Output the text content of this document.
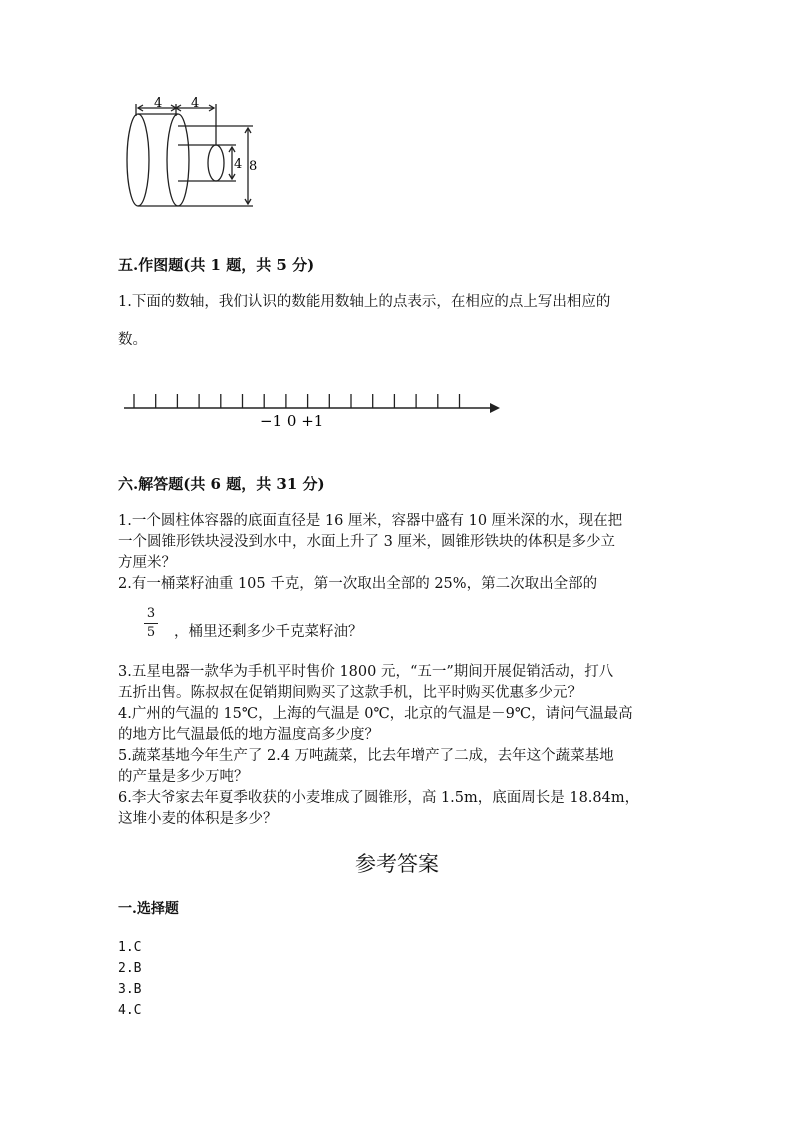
4 4
4 8
五.作图题(共 1 题，共 5 分)
1.下面的数轴，我们认识的数能用数轴上的点表示，在相应的点上写出相应的
数。
−1 0 +1
六.解答题(共 6 题，共 31 分)
1.一个圆柱体容器的底面直径是 16 厘米，容器中盛有 10 厘米深的水，现在把
一个圆锥形铁块浸没到水中，水面上升了 3 厘米，圆锥形铁块的体积是多少立
方厘米？
2.有一桶菜籽油重 105 千克，第一次取出全部的 25%，第二次取出全部的
3
5	，桶里还剩多少千克菜籽油？
3.五星电器一款华为手机平时售价 1800 元，“五一”期间开展促销活动，打八
五折出售。陈叔叔在促销期间购买了这款手机，比平时购买优惠多少元？
4.广州的气温的 15℃，上海的气温是 0℃，北京的气温是－9℃，请问气温最高
的地方比气温最低的地方温度高多少度？
5.蔬菜基地今年生产了 2.4 万吨蔬菜，比去年增产了二成，去年这个蔬菜基地
的产量是多少万吨？
6.李大爷家去年夏季收获的小麦堆成了圆锥形，高 1.5m，底面周长是 18.84m，
这堆小麦的体积是多少？
参考答案
一.选择题
1.C
2.B
3.B
4.C
